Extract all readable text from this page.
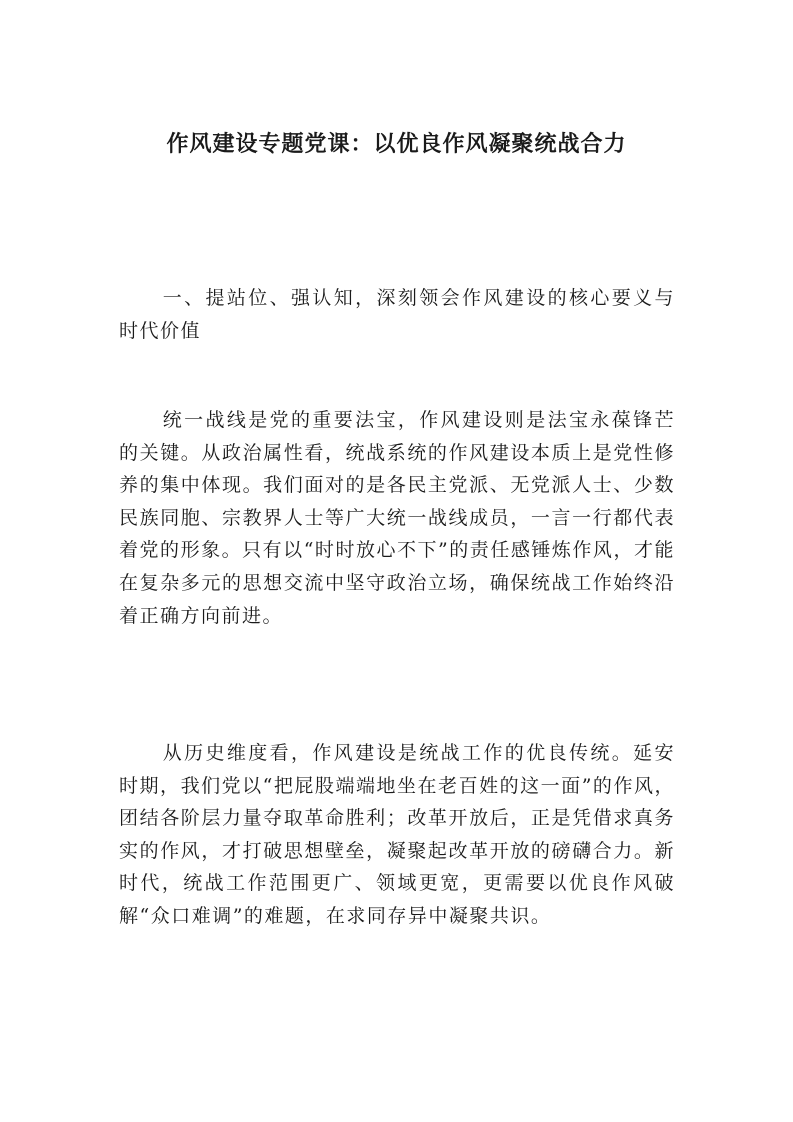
作风建设专题党课：以优良作风凝聚统战合力

一、提站位、强认知，深刻领会作风建设的核心要义与时代价值

统一战线是党的重要法宝，作风建设则是法宝永葆锋芒的关键。从政治属性看，统战系统的作风建设本质上是党性修养的集中体现。我们面对的是各民主党派、无党派人士、少数民族同胞、宗教界人士等广大统一战线成员，一言一行都代表着党的形象。只有以“时时放心不下”的责任感锤炼作风，才能在复杂多元的思想交流中坚守政治立场，确保统战工作始终沿着正确方向前进。

从历史维度看，作风建设是统战工作的优良传统。延安时期，我们党以“把屁股端端地坐在老百姓的这一面”的作风，团结各阶层力量夺取革命胜利；改革开放后，正是凭借求真务实的作风，才打破思想壁垒，凝聚起改革开放的磅礴合力。新时代，统战工作范围更广、领域更宽，更需要以优良作风破解“众口难调”的难题，在求同存异中凝聚共识。
